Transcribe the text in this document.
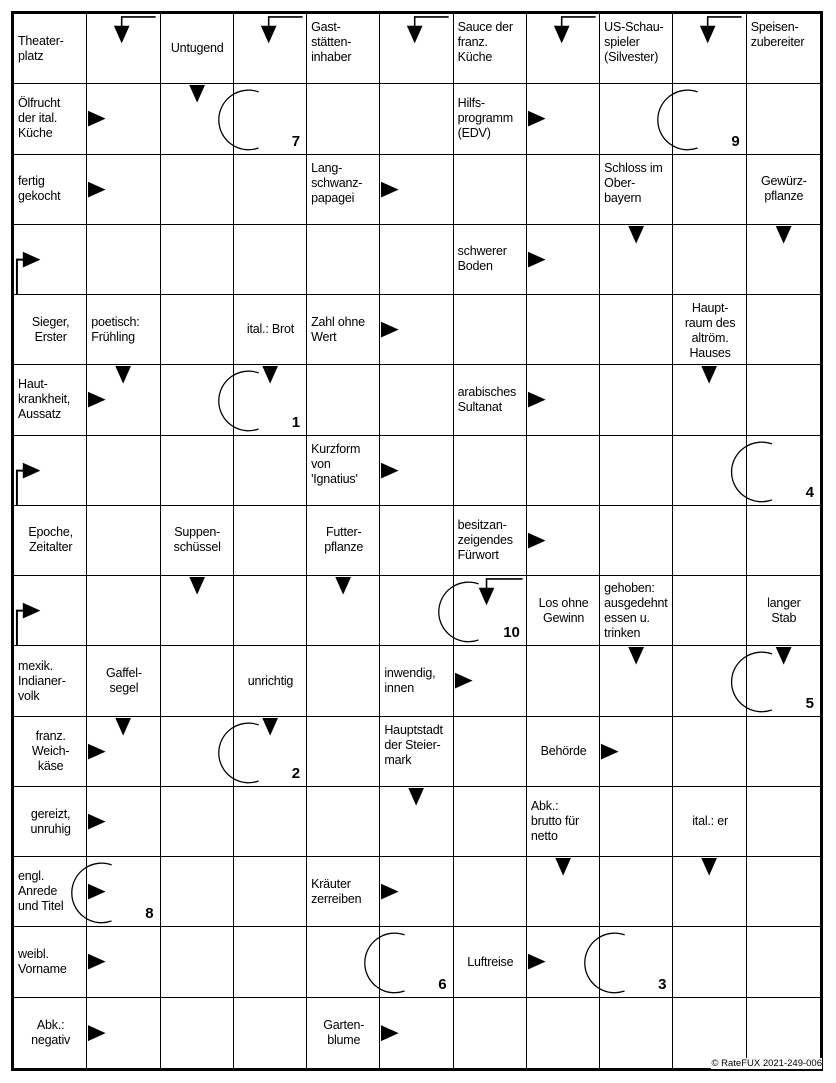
Theater-
platz
Untugend
Gast-
stätten-
inhaber
Sauce der
franz.
Küche
US-Schau-
spieler
(Silvester)
Speisen-
zubereiter
Ölfrucht
der ital.
Küche	7
Hilfs-
programm
(EDV)	9
fertig
gekocht
Lang-
schwanz-
papagei
Schloss im
Ober-
bayern
Gewürz-
pflanze
schwerer
Boden
Sieger,
Erster
poetisch:
Frühling
ital.: Brot
Zahl ohne
Wert
Haupt-
raum des
altröm.
Hauses
Haut-
krankheit,
Aussatz	1
arabisches
Sultanat
Kurzform
von
'Ignatius'
4
Epoche,
Zeitalter
Suppen-
schüssel
Futter-
pflanze
besitzan-
zeigendes
Fürwort
10
Los ohne
Gewinn
gehoben:
ausgedehnt
essen u.
trinken
langer
Stab
mexik.
Indianer-
volk
Gaffel-
segel
unrichtig
inwendig,
innen
5
franz.
Weich-
käse	2
Hauptstadt
der Steier-
mark
Behörde
gereizt,
unruhig
Abk.:
brutto für
netto
ital.: er
engl.
Anrede
und Titel	8
Kräuter
zerreiben
weibl.
Vorname
6
Luftreise
3
Abk.:
negativ
Garten-
blume
© RateFUX 2021-249-006
